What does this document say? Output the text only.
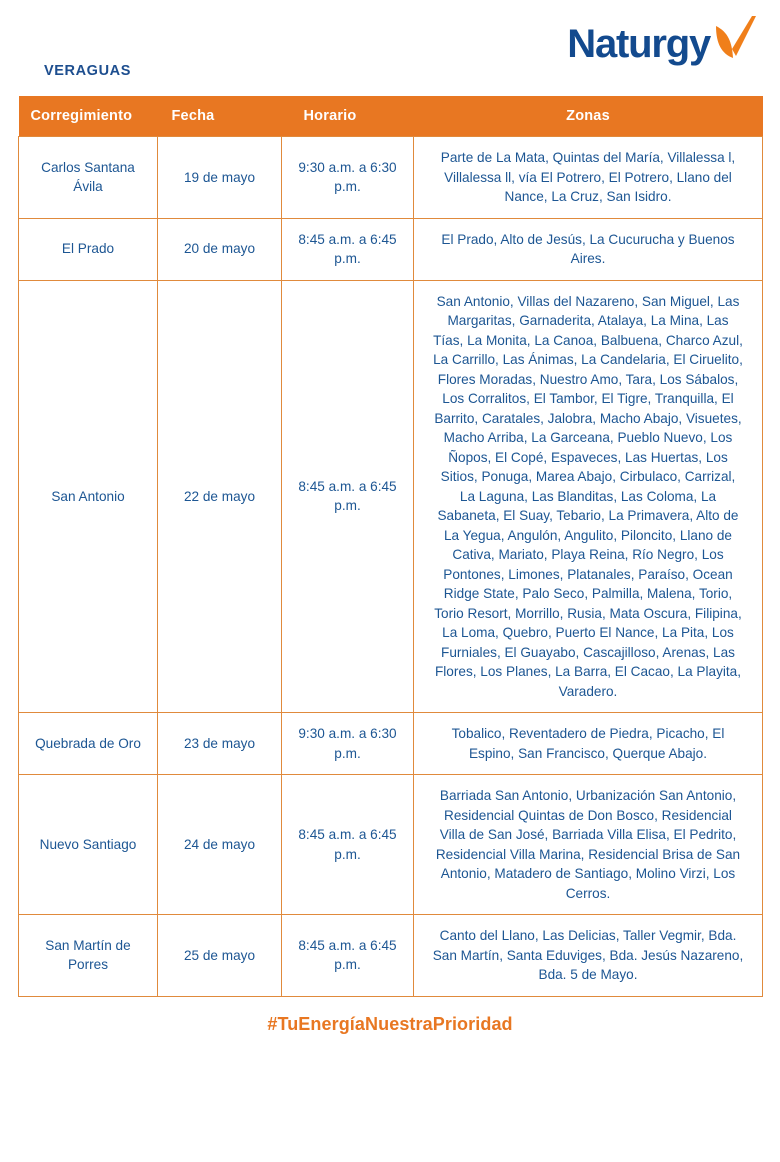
Naturgy
VERAGUAS
Corregimiento	Fecha	Horario	Zonas
Carlos Santana Ávila	19 de mayo	9:30 a.m. a 6:30 p.m.	Parte de La Mata, Quintas del María, Villalessa l, Villalessa ll, vía El Potrero, El Potrero, Llano del Nance, La Cruz, San Isidro.
El Prado	20 de mayo	8:45 a.m. a 6:45 p.m.	El Prado, Alto de Jesús, La Cucurucha y Buenos Aires.
San Antonio	22 de mayo	8:45 a.m. a 6:45 p.m.	San Antonio, Villas del Nazareno, San Miguel, Las Margaritas, Garnaderita, Atalaya, La Mina, Las Tías, La Monita, La Canoa, Balbuena, Charco Azul, La Carrillo, Las Ánimas, La Candelaria, El Ciruelito, Flores Moradas, Nuestro Amo, Tara, Los Sábalos, Los Corralitos, El Tambor, El Tigre, Tranquilla, El Barrito, Caratales, Jalobra, Macho Abajo, Visuetes, Macho Arriba, La Garceana, Pueblo Nuevo, Los Ñopos, El Copé, Espaveces, Las Huertas, Los Sitios, Ponuga, Marea Abajo, Cirbulaco, Carrizal, La Laguna, Las Blanditas, Las Coloma, La Sabaneta, El Suay, Tebario, La Primavera, Alto de La Yegua, Angulón, Angulito, Piloncito, Llano de Cativa, Mariato, Playa Reina, Río Negro, Los Pontones, Limones, Platanales, Paraíso, Ocean Ridge State, Palo Seco, Palmilla, Malena, Torio, Torio Resort, Morrillo, Rusia, Mata Oscura, Filipina, La Loma, Quebro, Puerto El Nance, La Pita, Los Furniales, El Guayabo, Cascajilloso, Arenas, Las Flores, Los Planes, La Barra, El Cacao, La Playita, Varadero.
Quebrada de Oro	23 de mayo	9:30 a.m. a 6:30 p.m.	Tobalico, Reventadero de Piedra, Picacho, El Espino, San Francisco, Querque Abajo.
Nuevo Santiago	24 de mayo	8:45 a.m. a 6:45 p.m.	Barriada San Antonio, Urbanización San Antonio, Residencial Quintas de Don Bosco, Residencial Villa de San José, Barriada Villa Elisa, El Pedrito, Residencial Villa Marina, Residencial Brisa de San Antonio, Matadero de Santiago, Molino Virzi, Los Cerros.
San Martín de Porres	25 de mayo	8:45 a.m. a 6:45 p.m.	Canto del Llano, Las Delicias, Taller Vegmir, Bda. San Martín, Santa Eduviges, Bda. Jesús Nazareno, Bda. 5 de Mayo.
#TuEnergíaNuestraPrioridad
